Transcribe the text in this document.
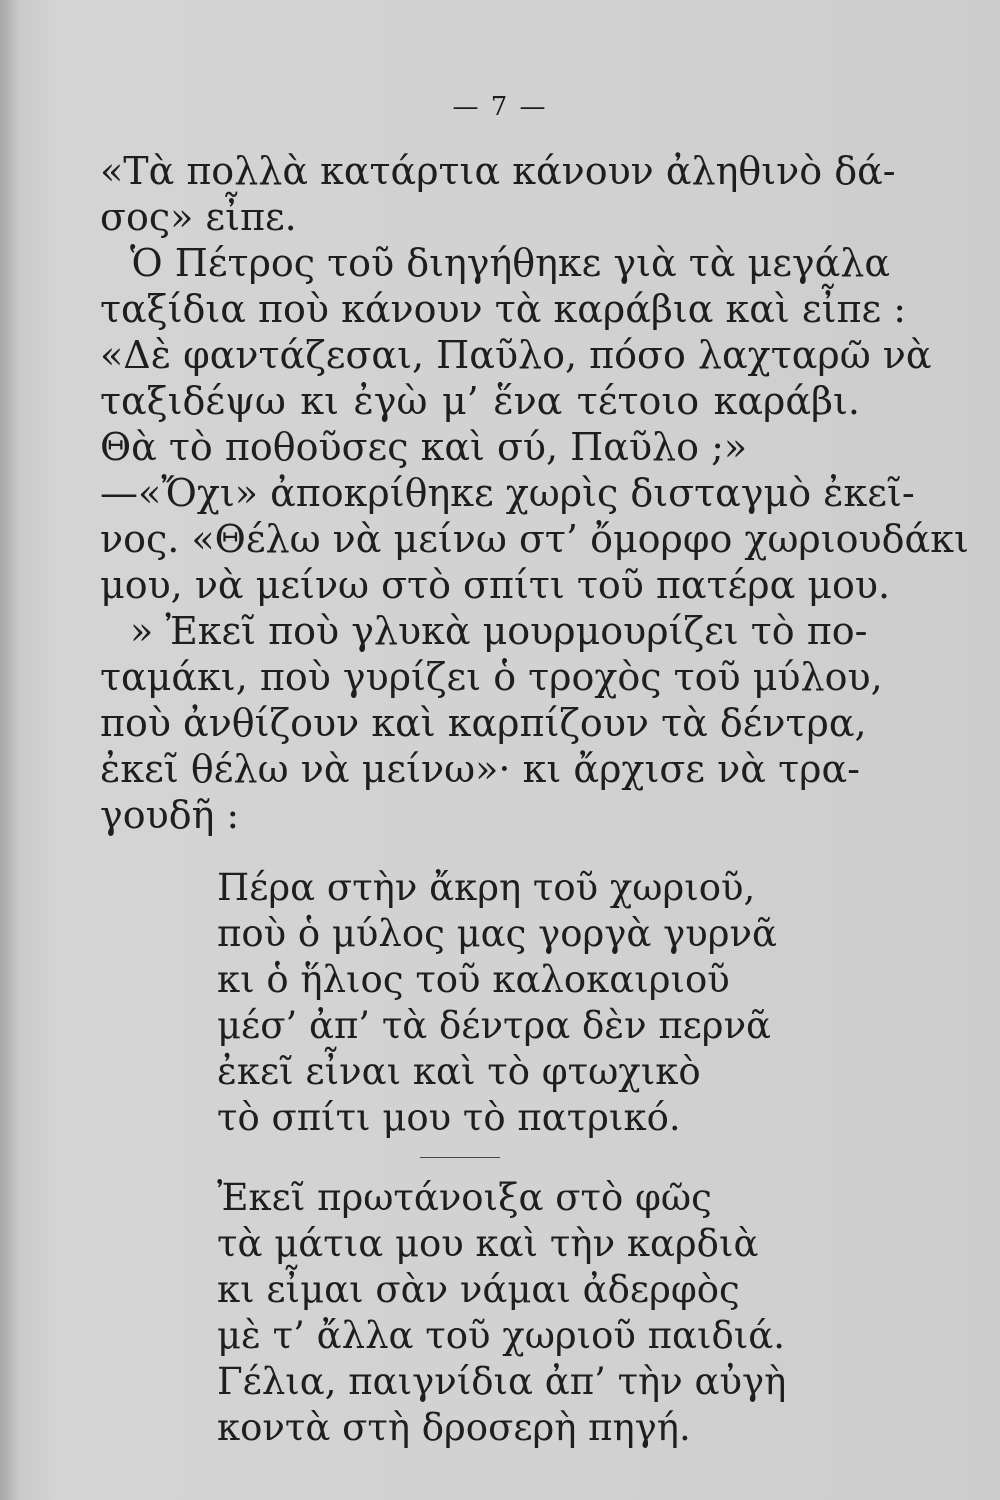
— 7 —
«Τὰ πολλὰ κατάρτια κάνουν ἀληθινὸ δά-
σος» εἶπε.
Ὁ Πέτρος τοῦ διηγήθηκε γιὰ τὰ μεγάλα
ταξίδια ποὺ κάνουν τὰ καράβια καὶ εἶπε :
«Δὲ φαντάζεσαι, Παῦλο, πόσο λαχταρῶ νὰ
ταξιδέψω κι ἐγὼ μ’ ἕνα τέτοιο καράβι.
Θὰ τὸ ποθοῦσες καὶ σύ, Παῦλο ;»
—«Ὄχι» ἀποκρίθηκε χωρὶς δισταγμὸ ἐκεῖ-
νος. «Θέλω νὰ μείνω στ’ ὄμορφο χωριουδάκι
μου, νὰ μείνω στὸ σπίτι τοῦ πατέρα μου.
» Ἐκεῖ ποὺ γλυκὰ μουρμουρίζει τὸ πο-
ταμάκι, ποὺ γυρίζει ὁ τροχὸς τοῦ μύλου,
ποὺ ἀνθίζουν καὶ καρπίζουν τὰ δέντρα,
ἐκεῖ θέλω νὰ μείνω»· κι ἄρχισε νὰ τρα-
γουδῆ :
Πέρα στὴν ἄκρη τοῦ χωριοῦ,
ποὺ ὁ μύλος μας γοργὰ γυρνᾶ
κι ὁ ἥλιος τοῦ καλοκαιριοῦ
μέσ’ ἀπ’ τὰ δέντρα δὲν περνᾶ
ἐκεῖ εἶναι καὶ τὸ φτωχικὸ
τὸ σπίτι μου τὸ πατρικό.
Ἐκεῖ πρωτάνοιξα στὸ φῶς
τὰ μάτια μου καὶ τὴν καρδιὰ
κι εἶμαι σὰν νάμαι ἀδερφὸς
μὲ τ’ ἄλλα τοῦ χωριοῦ παιδιά.
Γέλια, παιγνίδια ἀπ’ τὴν αὐγὴ
κοντὰ στὴ δροσερὴ πηγή.
